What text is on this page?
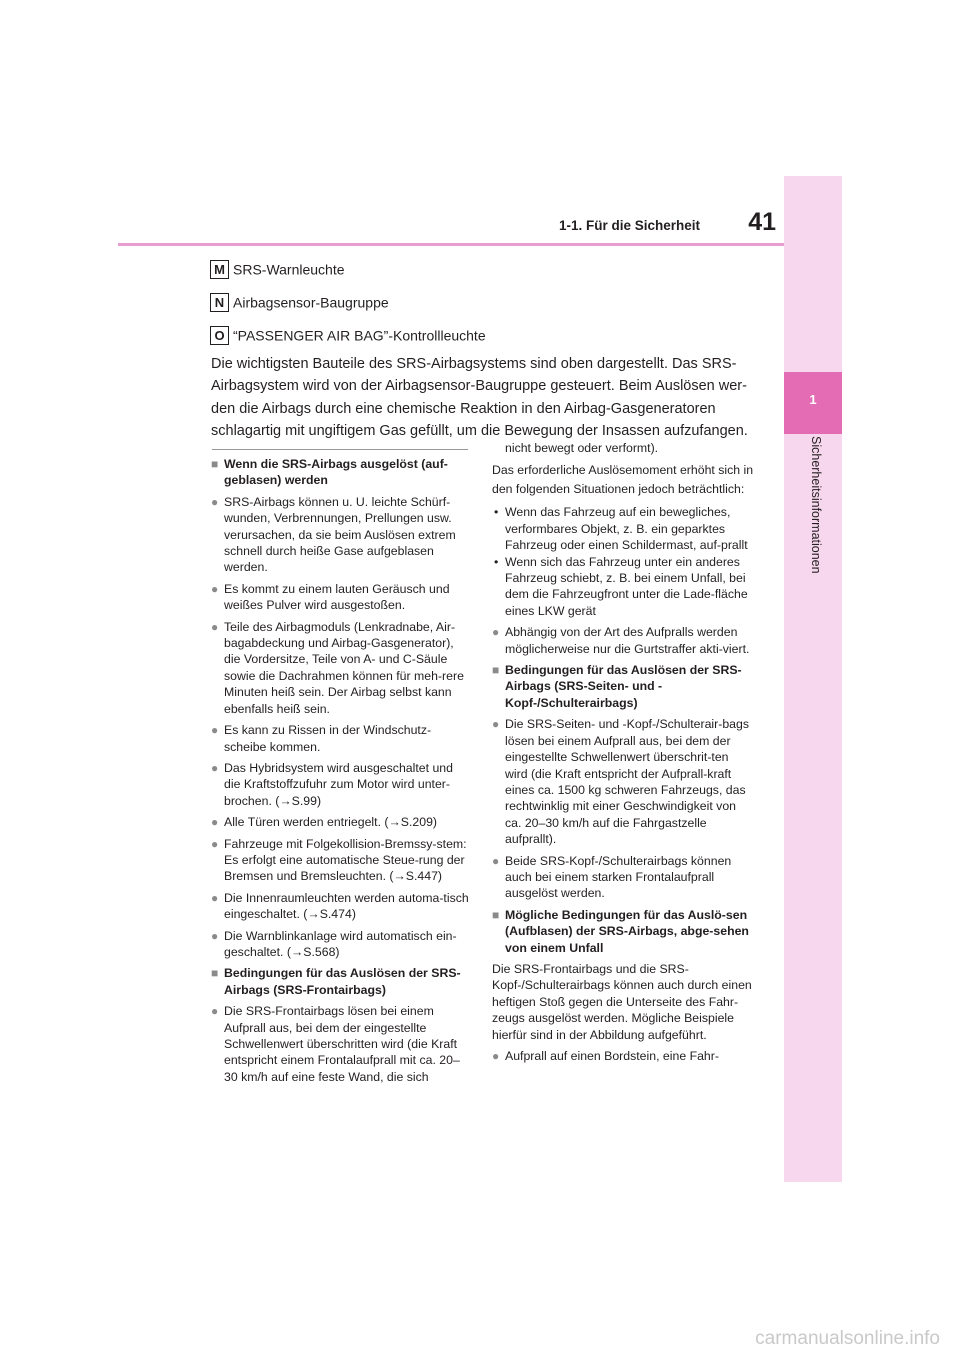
1-1. Für die Sicherheit	41
1
Sicherheitsinformationen
M SRS-Warnleuchte
N Airbagsensor-Baugruppe
O “PASSENGER AIR BAG”-Kontrollleuchte
Die wichtigsten Bauteile des SRS-Airbagsystems sind oben dargestellt. Das SRS-Airbagsystem wird von der Airbagsensor-Baugruppe gesteuert. Beim Auslösen wer-den die Airbags durch eine chemische Reaktion in den Airbag-Gasgeneratoren schlagartig mit ungiftigem Gas gefüllt, um die Bewegung der Insassen aufzufangen.
■ Wenn die SRS-Airbags ausgelöst (auf-geblasen) werden
● SRS-Airbags können u. U. leichte Schürf-wunden, Verbrennungen, Prellungen usw. verursachen, da sie beim Auslösen extrem schnell durch heiße Gase aufgeblasen werden.
● Es kommt zu einem lauten Geräusch und weißes Pulver wird ausgestoßen.
● Teile des Airbagmoduls (Lenkradnabe, Air-bagabdeckung und Airbag-Gasgenerator), die Vordersitze, Teile von A- und C-Säule sowie die Dachrahmen können für meh-rere Minuten heiß sein. Der Airbag selbst kann ebenfalls heiß sein.
● Es kann zu Rissen in der Windschutz-scheibe kommen.
● Das Hybridsystem wird ausgeschaltet und die Kraftstoffzufuhr zum Motor wird unter-brochen. (→S.99)
● Alle Türen werden entriegelt. (→S.209)
● Fahrzeuge mit Folgekollision-Bremssy-stem: Es erfolgt eine automatische Steue-rung der Bremsen und Bremsleuchten. (→S.447)
● Die Innenraumleuchten werden automa-tisch eingeschaltet. (→S.474)
● Die Warnblinkanlage wird automatisch ein-geschaltet. (→S.568)
■ Bedingungen für das Auslösen der SRS-Airbags (SRS-Frontairbags)
● Die SRS-Frontairbags lösen bei einem Aufprall aus, bei dem der eingestellte Schwellenwert überschritten wird (die Kraft entspricht einem Frontalaufprall mit ca. 20–30 km/h auf eine feste Wand, die sich

nicht bewegt oder verformt).

Das erforderliche Auslösemoment erhöht sich in den folgenden Situationen jedoch beträchtlich:

• Wenn das Fahrzeug auf ein bewegliches, verformbares Objekt, z. B. ein geparktes Fahrzeug oder einen Schildermast, auf-prallt
• Wenn sich das Fahrzeug unter ein anderes Fahrzeug schiebt, z. B. bei einem Unfall, bei dem die Fahrzeugfront unter die Lade-fläche eines LKW gerät
● Abhängig von der Art des Aufpralls werden möglicherweise nur die Gurtstraffer akti-viert.
■ Bedingungen für das Auslösen der SRS-Airbags (SRS-Seiten- und -Kopf-/Schulterairbags)
● Die SRS-Seiten- und -Kopf-/Schulterair-bags lösen bei einem Aufprall aus, bei dem der eingestellte Schwellenwert überschrit-ten wird (die Kraft entspricht der Aufprall-kraft eines ca. 1500 kg schweren Fahrzeugs, das rechtwinklig mit einer Geschwindigkeit von ca. 20–30 km/h auf die Fahrgastzelle aufprallt).
● Beide SRS-Kopf-/Schulterairbags können auch bei einem starken Frontalaufprall ausgelöst werden.
■ Mögliche Bedingungen für das Auslö-sen (Aufblasen) der SRS-Airbags, abge-sehen von einem Unfall

Die SRS-Frontairbags und die SRS-Kopf-/Schulterairbags können auch durch einen heftigen Stoß gegen die Unterseite des Fahr-zeugs ausgelöst werden. Mögliche Beispiele hierfür sind in der Abbildung aufgeführt.

● Aufprall auf einen Bordstein, eine Fahr-
carmanualsonline.info
